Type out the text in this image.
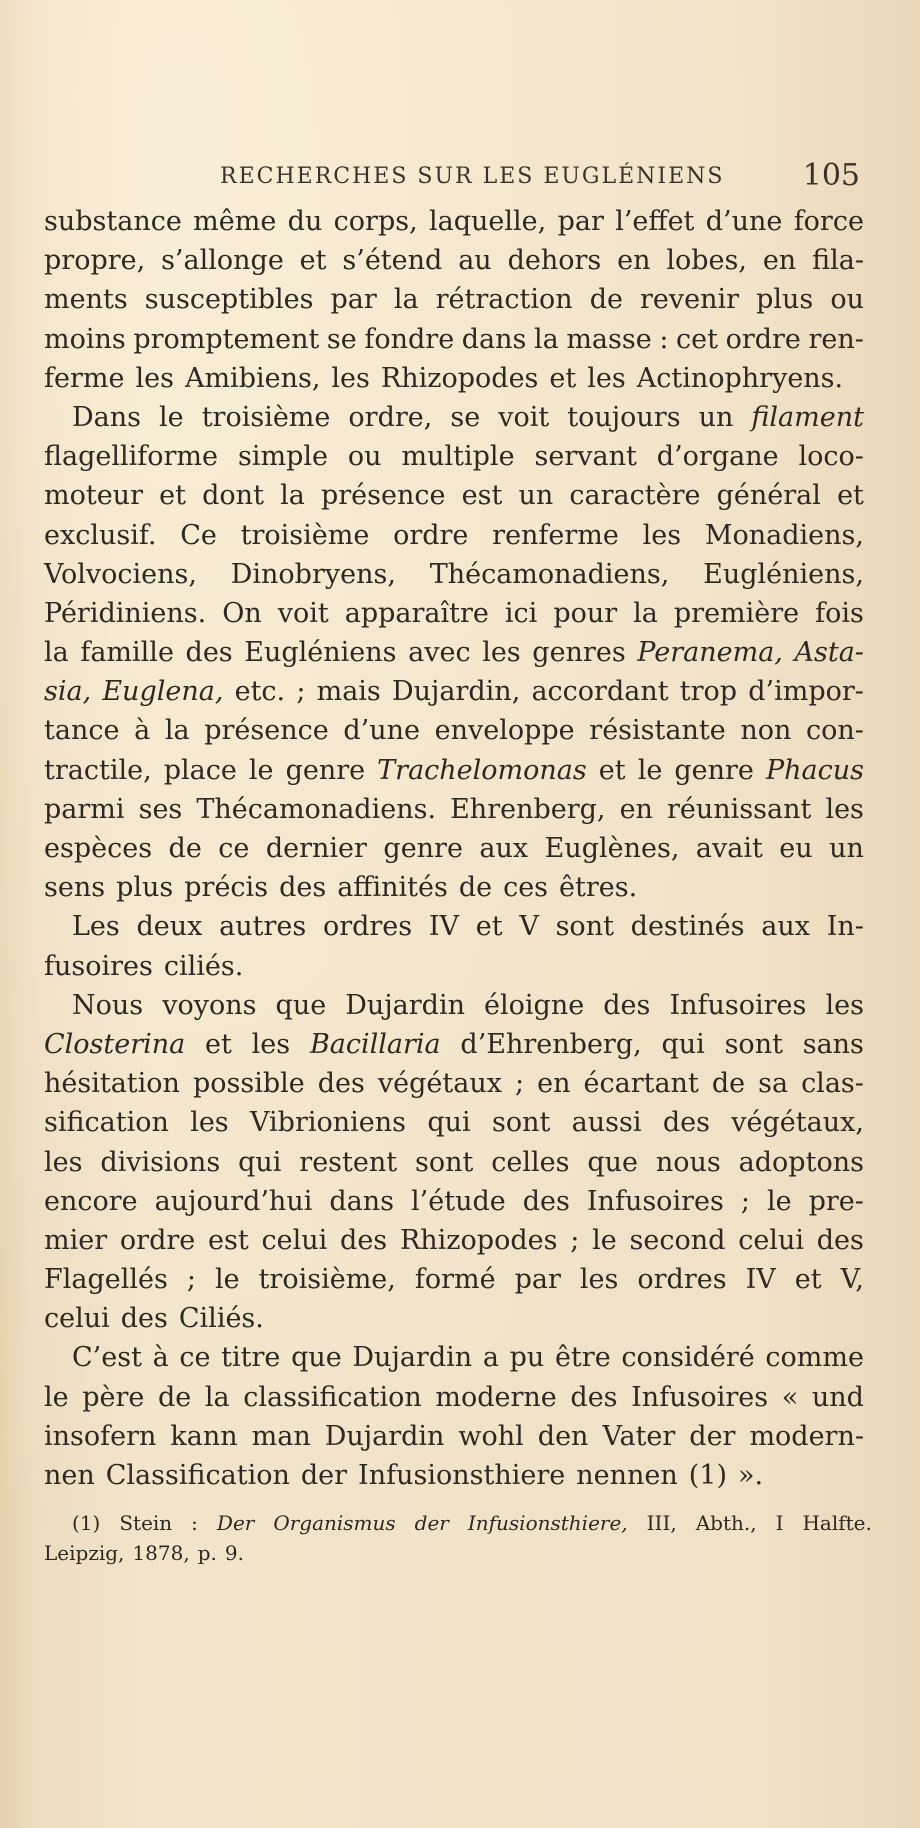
RECHERCHES SUR LES EUGLÉNIENS	105
substance même du corps, laquelle, par l’effet d’une force
propre, s’allonge et s’étend au dehors en lobes, en fila-
ments susceptibles par la rétraction de revenir plus ou
moins promptement se fondre dans la masse : cet ordre ren-
ferme les Amibiens, les Rhizopodes et les Actinophryens.
Dans le troisième ordre, se voit toujours un filament
flagelliforme simple ou multiple servant d’organe loco-
moteur et dont la présence est un caractère général et
exclusif. Ce troisième ordre renferme les Monadiens,
Volvociens, Dinobryens, Thécamonadiens, Eugléniens,
Péridiniens. On voit apparaître ici pour la première fois
la famille des Eugléniens avec les genres Peranema, Asta-
sia, Euglena, etc. ; mais Dujardin, accordant trop d’impor-
tance à la présence d’une enveloppe résistante non con-
tractile, place le genre Trachelomonas et le genre Phacus
parmi ses Thécamonadiens. Ehrenberg, en réunissant les
espèces de ce dernier genre aux Euglènes, avait eu un
sens plus précis des affinités de ces êtres.
Les deux autres ordres IV et V sont destinés aux In-
fusoires ciliés.
Nous voyons que Dujardin éloigne des Infusoires les
Closterina et les Bacillaria d’Ehrenberg, qui sont sans
hésitation possible des végétaux ; en écartant de sa clas-
sification les Vibrioniens qui sont aussi des végétaux,
les divisions qui restent sont celles que nous adoptons
encore aujourd’hui dans l’étude des Infusoires ; le pre-
mier ordre est celui des Rhizopodes ; le second celui des
Flagellés ; le troisième, formé par les ordres IV et V,
celui des Ciliés.
C’est à ce titre que Dujardin a pu être considéré comme
le père de la classification moderne des Infusoires « und
insofern kann man Dujardin wohl den Vater der modern-
nen Classification der Infusionsthiere nennen (1) ».
(1) Stein : Der Organismus der Infusionsthiere, III, Abth., I Halfte.
Leipzig, 1878, p. 9.
